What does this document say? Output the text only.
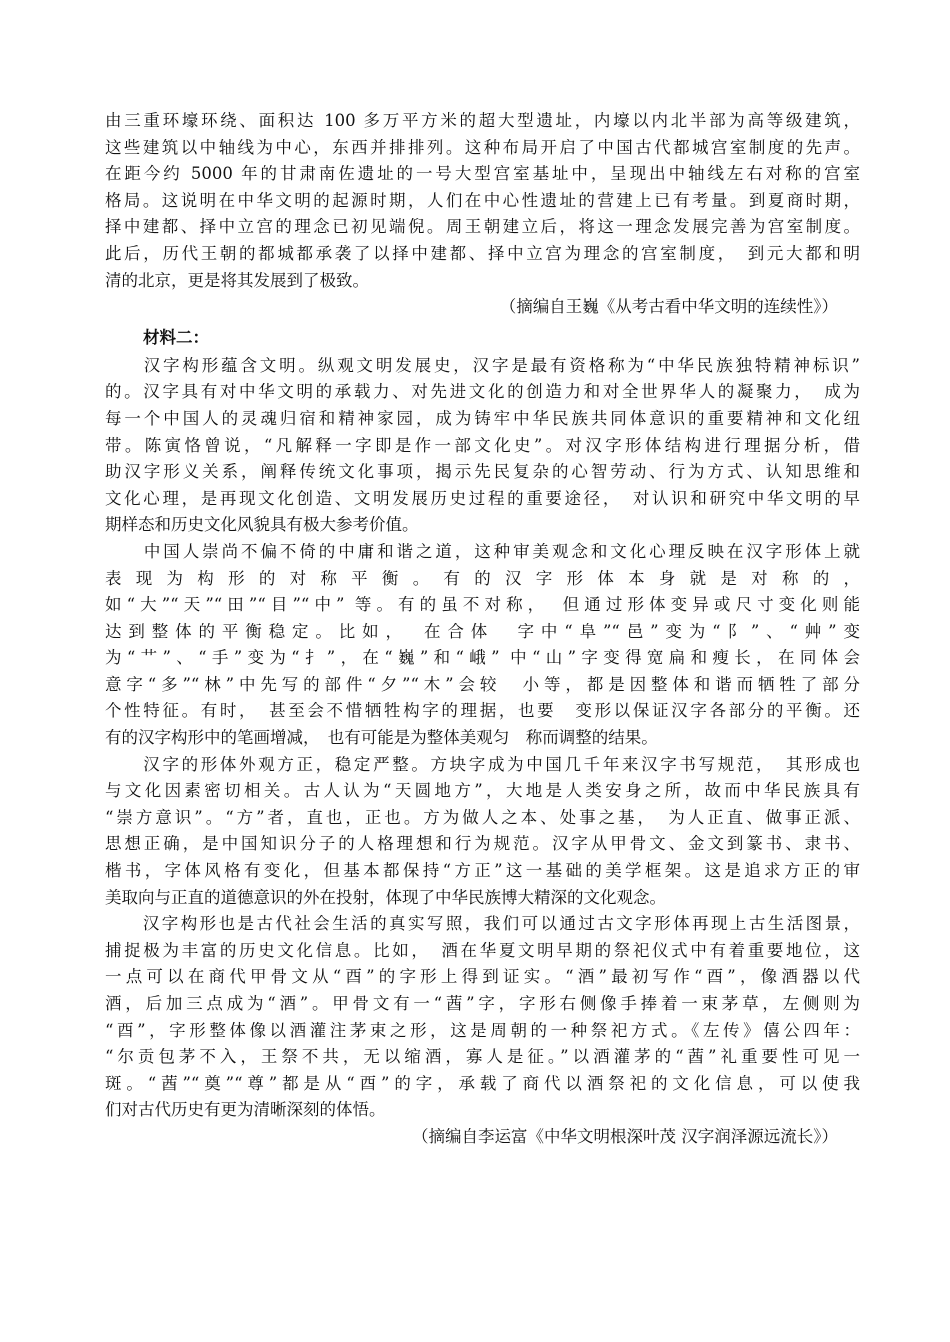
由三重环壕环绕、面积达 100 多万平方米的超大型遗址，内壕以内北半部为高等级建筑，
这些建筑以中轴线为中心，东西并排排列。这种布局开启了中国古代都城宫室制度的先声。
在距今约 5000 年的甘肃南佐遗址的一号大型宫室基址中，呈现出中轴线左右对称的宫室
格局。这说明在中华文明的起源时期，人们在中心性遗址的营建上已有考量。到夏商时期，
择中建都、择中立宫的理念已初见端倪。周王朝建立后，将这一理念发展完善为宫室制度。
此后，历代王朝的都城都承袭了以择中建都、择中立宫为理念的宫室制度，　到元大都和明
清的北京，更是将其发展到了极致。
（摘编自王巍《从考古看中华文明的连续性》）
材料二：
　　汉字构形蕴含文明。纵观文明发展史，汉字是最有资格称为“中华民族独特精神标识”
的。汉字具有对中华文明的承载力、对先进文化的创造力和对全世界华人的凝聚力，　成为
每一个中国人的灵魂归宿和精神家园，成为铸牢中华民族共同体意识的重要精神和文化纽
带。陈寅恪曾说，“凡解释一字即是作一部文化史”。对汉字形体结构进行理据分析，借
助汉字形义关系，阐释传统文化事项，揭示先民复杂的心智劳动、行为方式、认知思维和
文化心理，是再现文化创造、文明发展历史过程的重要途径，　对认识和研究中华文明的早
期样态和历史文化风貌具有极大参考价值。
　　中国人崇尚不偏不倚的中庸和谐之道，这种审美观念和文化心理反映在汉字形体上就
表现为构形的对称平衡。有的汉字形体本身就是对称的，
如“大”“天”“田”“目”“中” 等。有的虽不对称，　但通过形体变异或尺寸变化则能
达到整体的平衡稳定。比如，　在合体　字中“阜”“邑”变为“阝”、“艸”变
为“艹”、“手”变为“扌”，在“巍”和“峨” 中“山”字变得宽扁和瘦长，在同体会
意字“多”“林”中先写的部件“夕”“木”会较　小等，都是因整体和谐而牺牲了部分
个性特征。有时，　甚至会不惜牺牲构字的理据，也要　变形以保证汉字各部分的平衡。还
有的汉字构形中的笔画增减，　也有可能是为整体美观匀　称而调整的结果。
　　汉字的形体外观方正，稳定严整。方块字成为中国几千年来汉字书写规范，　其形成也
与文化因素密切相关。古人认为“天圆地方”，大地是人类安身之所，故而中华民族具有
“崇方意识”。“方”者，直也，正也。方为做人之本、处事之基，　为人正直、做事正派、
思想正确，是中国知识分子的人格理想和行为规范。汉字从甲骨文、金文到篆书、隶书、
楷书，字体风格有变化，但基本都保持“方正”这一基础的美学框架。这是追求方正的审
美取向与正直的道德意识的外在投射，体现了中华民族博大精深的文化观念。
　　汉字构形也是古代社会生活的真实写照，我们可以通过古文字形体再现上古生活图景，
捕捉极为丰富的历史文化信息。比如，　酒在华夏文明早期的祭祀仪式中有着重要地位，这
一点可以在商代甲骨文从“酉”的字形上得到证实。“酒”最初写作“酉”，像酒器以代
酒，后加三点成为“酒”。甲骨文有一“莤”字，字形右侧像手捧着一束茅草，左侧则为
“酉”，字形整体像以酒灌注茅束之形，这是周朝的一种祭祀方式。《左传》僖公四年：
“尔贡包茅不入，王祭不共，无以缩酒，寡人是征。”以酒灌茅的“莤”礼重要性可见一
斑。“莤”“奠”“尊”都是从“酉”的字，承载了商代以酒祭祀的文化信息，可以使我
们对古代历史有更为清晰深刻的体悟。
（摘编自李运富《中华文明根深叶茂 汉字润泽源远流长》）
